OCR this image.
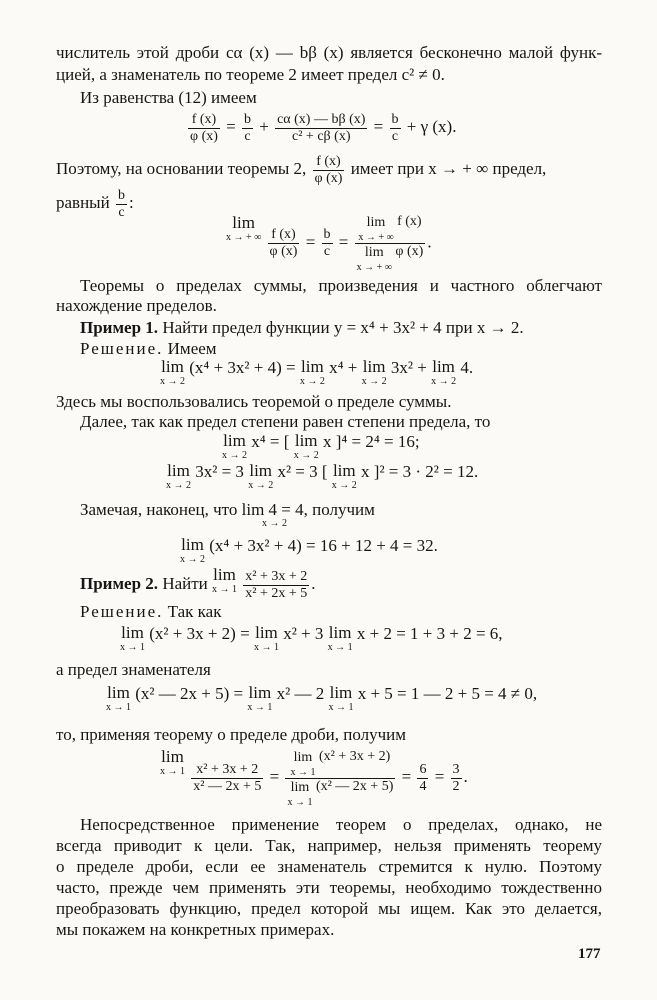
числитель этой дроби cα (x) — bβ (x) является бесконечно малой функ-
цией, а знаменатель по теореме 2 имеет предел c² ≠ 0.
Из равенства (12) имеем
$\frac{f (x)}{\varphi (x)} = \frac{b}{c} + \frac{c\alpha (x) — b\beta (x)}{\text{c² + cβ (x)}} = \frac{b}{c} + \gamma$ (x).
Поэтому, на основании теоремы 2, $\frac{f (x)}{\varphi (x)}$ имеет при x → + ∞ предел,
равный $\frac{b}{c}$ :
lim
x → + ∞
$\frac{f (x)}{\varphi (x)} = \frac{b}{c} = \lim$
x → + ∞
f (x)
lim
x → + ∞
φ (x) .
Теоремы о пределах суммы, произведения и частного облегчают
нахождение пределов.
Пример 1. Найти предел функции y = x⁴ + 3x² + 4 при x → 2.
Решение. Имеем
lim
x → 2
(x⁴ + 3x² + 4) = lim
x → 2
x⁴ + lim
x → 2
3x² + lim
x → 2
4.
Здесь мы воспользовались теоремой о пределе суммы.
Далее, так как предел степени равен степени предела, то
lim
x → 2
x⁴ = [ lim
x → 2
x ]⁴ = 2⁴ = 16;
lim
x → 2
3x² = 3 lim
x → 2
x² = 3 [ lim
x → 2
x ]² = 3 · 2² = 12.
Замечая, наконец, что lim 4 = 4, получим
x → 2
lim
x → 2
(x⁴ + 3x² + 4) = 16 + 12 + 4 = 32.
Пример 2. Найти lim
x → 1
$\frac{\text{x² + 3x + 2}}{\text{x² + 2x + 5}}$ .
Решение. Так как
lim
x → 1
(x² + 3x + 2) = lim
x → 1
x² + 3 lim
x → 1
x + 2 = 1 + 3 + 2 = 6,
а предел знаменателя
lim
x → 1
(x² — 2x + 5) = lim
x → 1
x² — 2 lim
x → 1
x + 5 = 1 — 2 + 5 = 4 ≠ 0,
то, применяя теорему о пределе дроби, получим
lim
x → 1
$\frac{\text{x² + 3x + 2}}{\text{x² — 2x + 5}} = \lim$
x → 1
(x² + 3x + 2)
lim
x → 1
(x² — $2x + 5) = \frac{6}{4} = \frac{3}{2}$ .
Непосредственное применение теорем о пределах, однако, не
всегда приводит к цели. Так, например, нельзя применять теорему
о пределе дроби, если ее знаменатель стремится к нулю. Поэтому
часто, прежде чем применять эти теоремы, необходимо тождественно
преобразовать функцию, предел которой мы ищем. Как это делается,
мы покажем на конкретных примерах.
177
